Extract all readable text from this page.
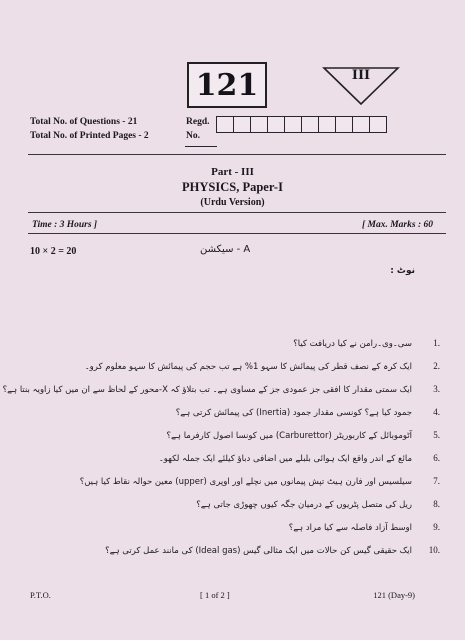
121	III
Total No. of Questions - 21
Total No. of Printed Pages - 2
Regd.
No.
Part - III
PHYSICS, Paper-I
(Urdu Version)
Time : 3 Hours ]	[ Max. Marks : 60
10 × 2 = 20	A - سیکشن
نوٹ :
1.
سی۔وی۔رامن نے کیا دریافت کیا؟
2.
ایک کرہ کے نصف قطر کی پیمائش کا سہو 1% ہے تب حجم کی پیمائش کا سہو معلوم کرو۔
3.
ایک سمتی مقدار کا افقی جز عمودی جز کے مساوی ہے۔ تب بتلاؤ کہ X-محور کے لحاظ سے ان میں کیا زاویہ بنتا ہے؟
4.
جمود کیا ہے؟ کونسی مقدار جمود (Inertia) کی پیمائش کرتی ہے؟
5.
آٹوموبائل کے کاربوریٹر (Carburettor) میں کونسا اصول کارفرما ہے؟
6.
مائع کے اندر واقع ایک ہوائی بلبلے میں اضافی دباؤ کیلئے ایک جملہ لکھو۔
7.
سیلسیس اور فارن ہیٹ تپش پیمانوں میں نچلے اور اوپری (upper) معین حوالہ نقاط کیا ہیں؟
8.
ریل کی متصل پٹریوں کے درمیان جگہ کیوں چھوڑی جاتی ہے؟
9.
اوسط آزاد فاصلہ سے کیا مراد ہے؟
10.
ایک حقیقی گیس کن حالات میں ایک مثالی گیس (Ideal gas) کی مانند عمل کرتی ہے؟
P.T.O.	[ 1 of 2 ]	121 (Day-9)
